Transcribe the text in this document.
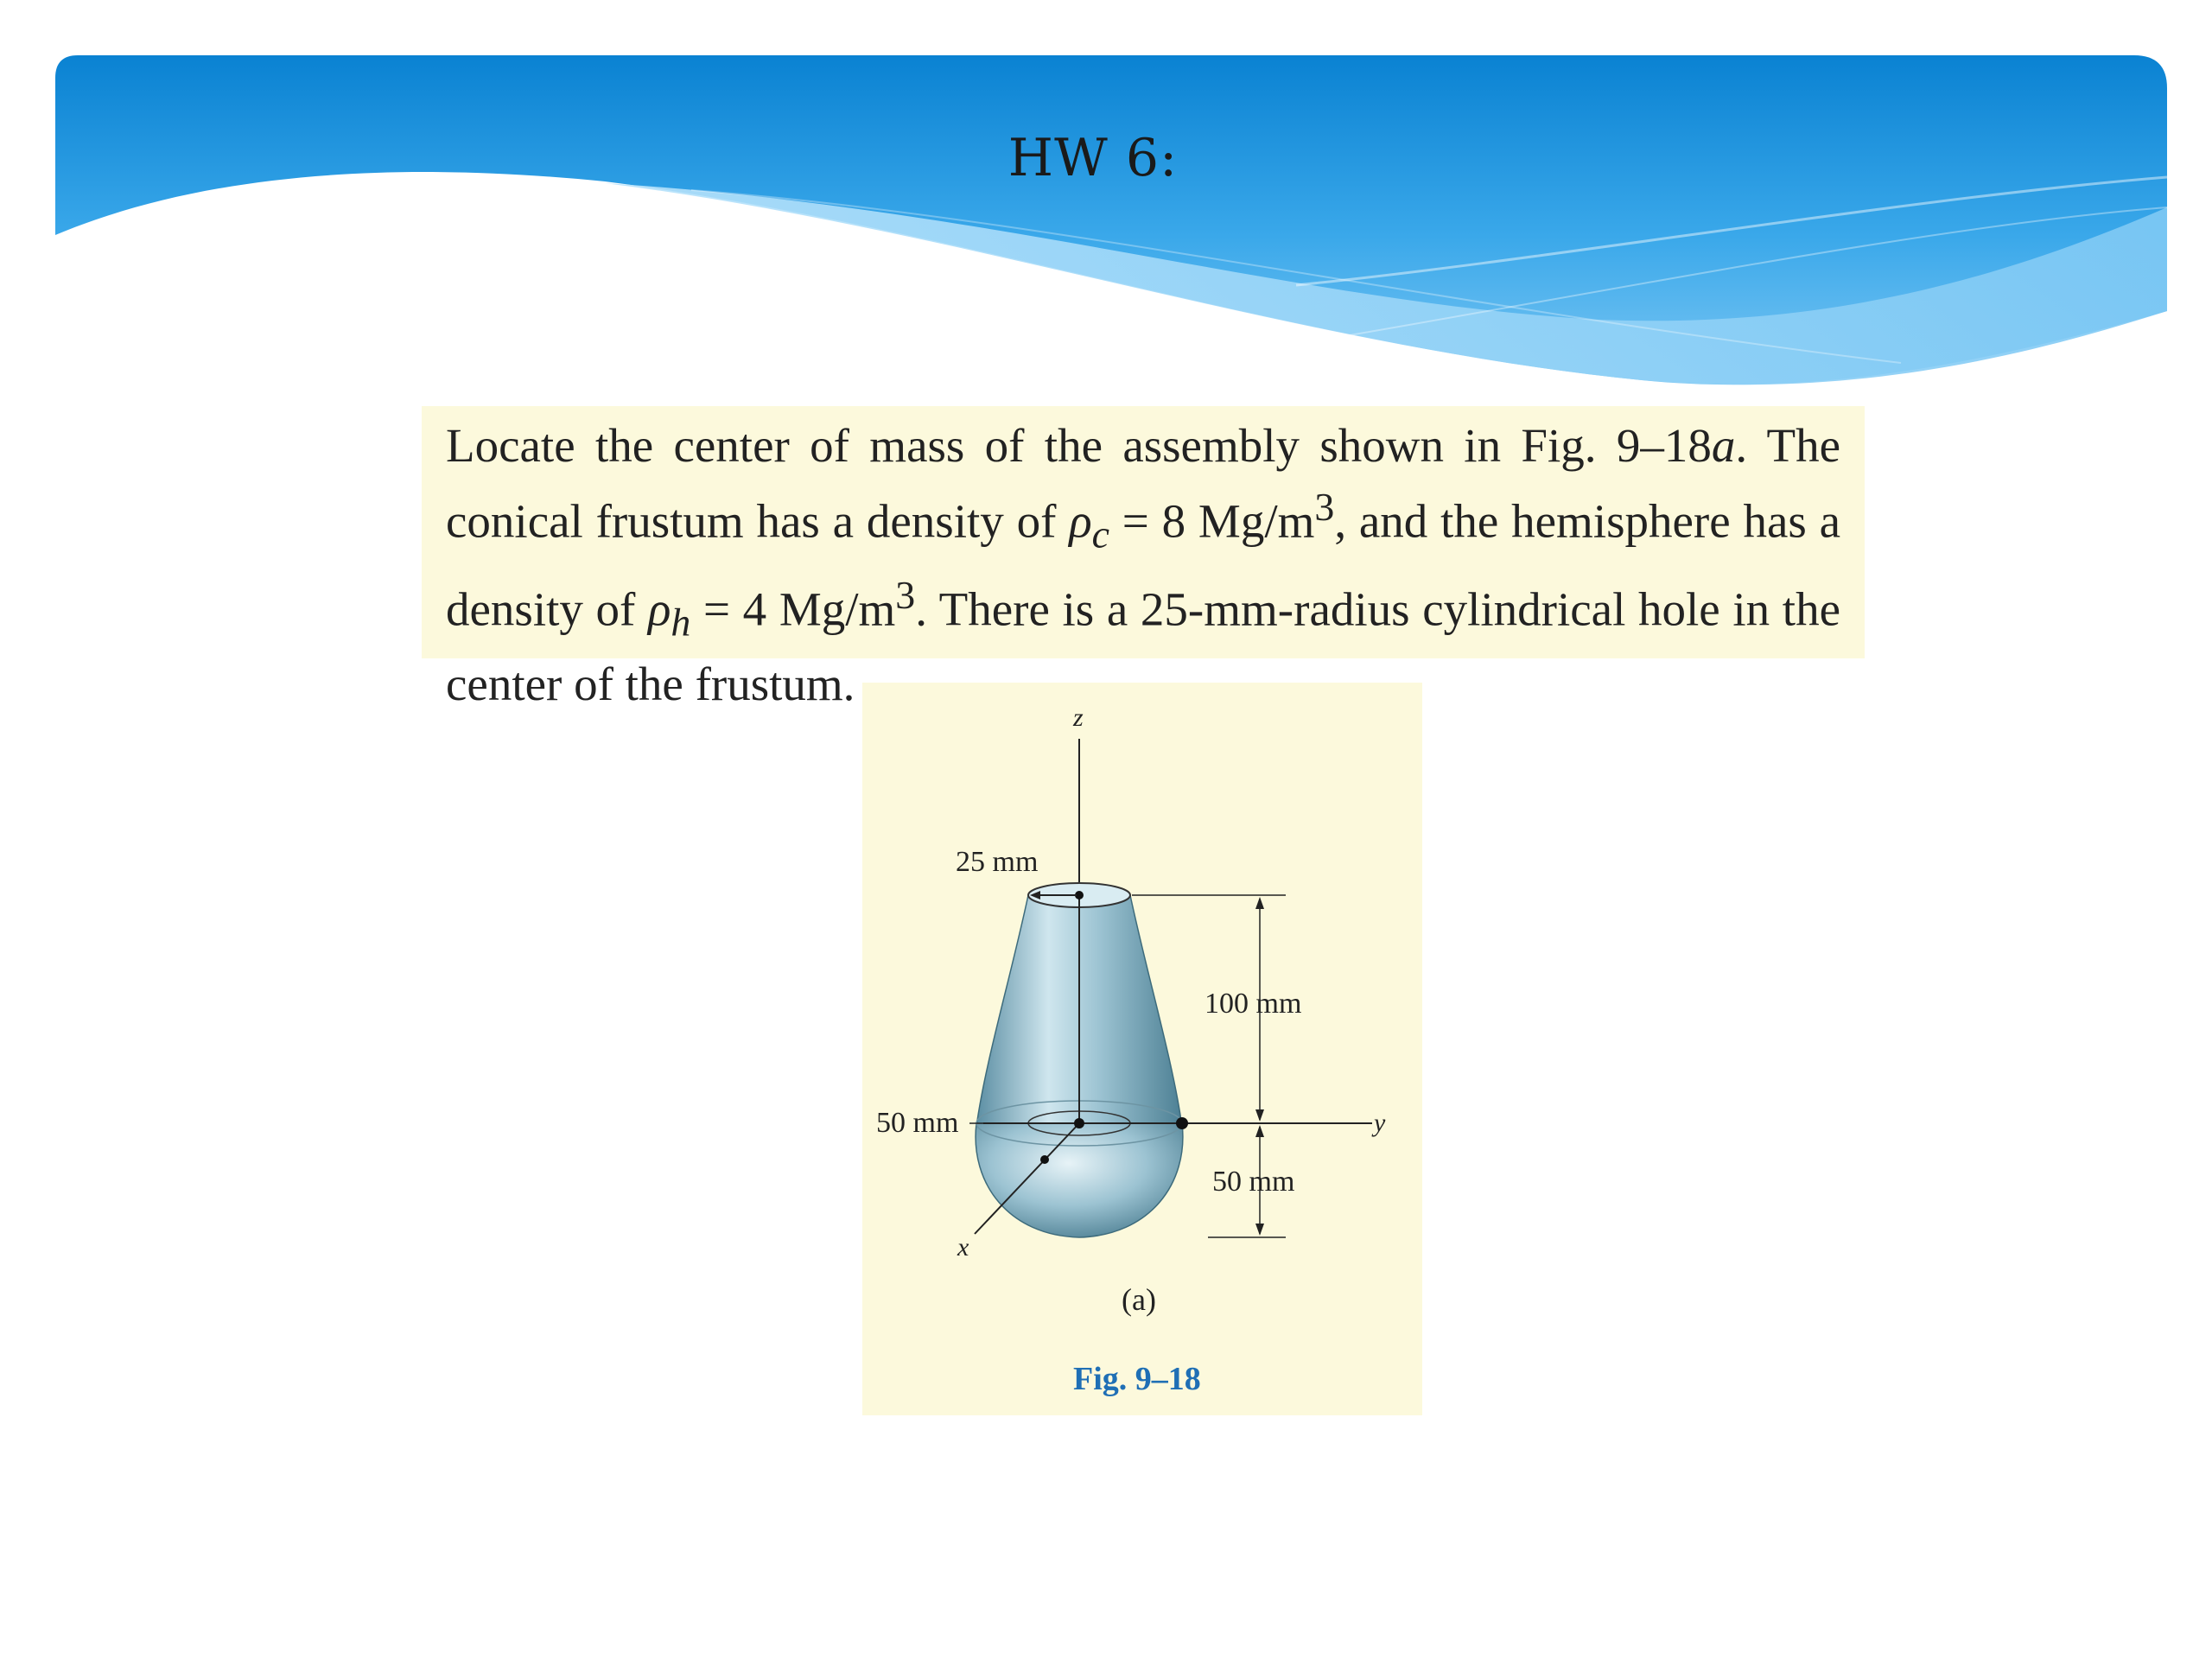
HW 6:

Locate the center of mass of the assembly shown in Fig. 9–18a. The conical frustum has a density of $\rho_c = 8$ $Mg/m^3$, and the hemisphere has a density of $\rho_h = 4$ $Mg/m^3$. There is a 25-mm-radius cylindrical hole in the center of the frustum.

z
y
x
25 mm
100 mm
50 mm
50 mm
(a)
Fig. 9–18
